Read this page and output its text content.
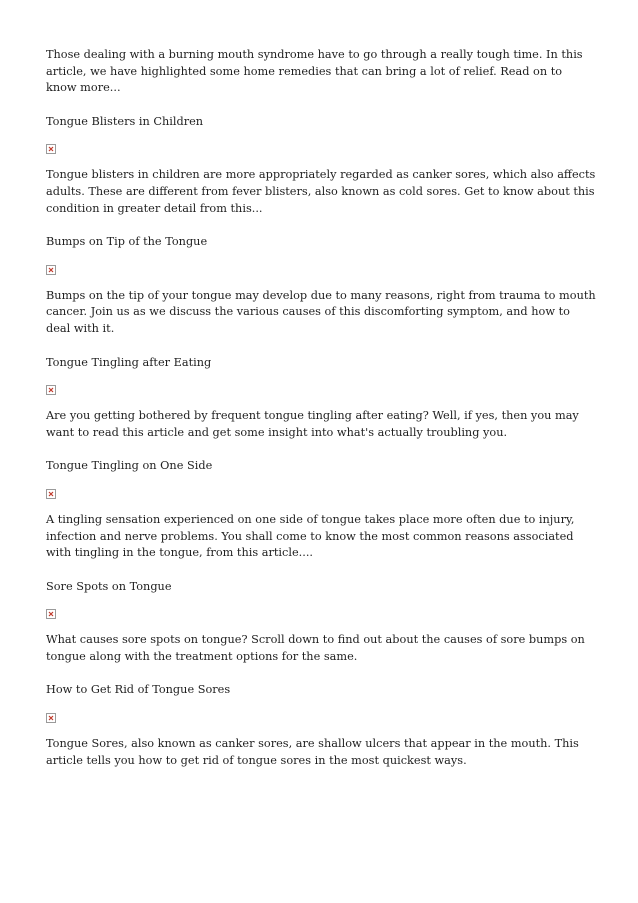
Those dealing with a burning mouth syndrome have to go through a really tough time. In this article, we have highlighted some home remedies that can bring a lot of relief. Read on to know more...

Tongue Blisters in Children

Tongue blisters in children are more appropriately regarded as canker sores, which also affects adults. These are different from fever blisters, also known as cold sores. Get to know about this condition in greater detail from this...

Bumps on Tip of the Tongue

Bumps on the tip of your tongue may develop due to many reasons, right from trauma to mouth cancer. Join us as we discuss the various causes of this discomforting symptom, and how to deal with it.

Tongue Tingling after Eating

Are you getting bothered by frequent tongue tingling after eating? Well, if yes, then you may want to read this article and get some insight into what's actually troubling you.

Tongue Tingling on One Side

A tingling sensation experienced on one side of tongue takes place more often due to injury, infection and nerve problems. You shall come to know the most common reasons associated with tingling in the tongue, from this article....

Sore Spots on Tongue

What causes sore spots on tongue? Scroll down to find out about the causes of sore bumps on tongue along with the treatment options for the same.

How to Get Rid of Tongue Sores

Tongue Sores, also known as canker sores, are shallow ulcers that appear in the mouth. This article tells you how to get rid of tongue sores in the most quickest ways.
